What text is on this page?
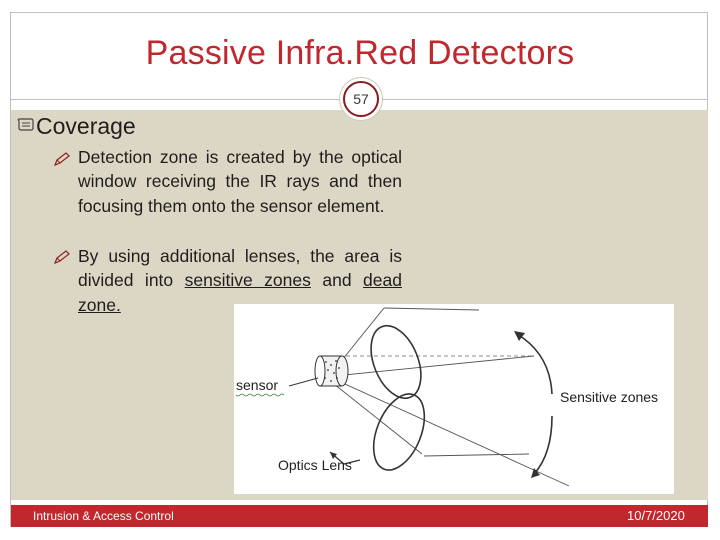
Passive Infra.Red Detectors
57
Coverage
Detection zone is created by the optical window receiving the IR rays and then focusing them onto the sensor element.
By using additional lenses, the area is divided into sensitive zones and dead zone.
sensor
Sensitive zones
Optics Lens
Intrusion & Access Control	10/7/2020
